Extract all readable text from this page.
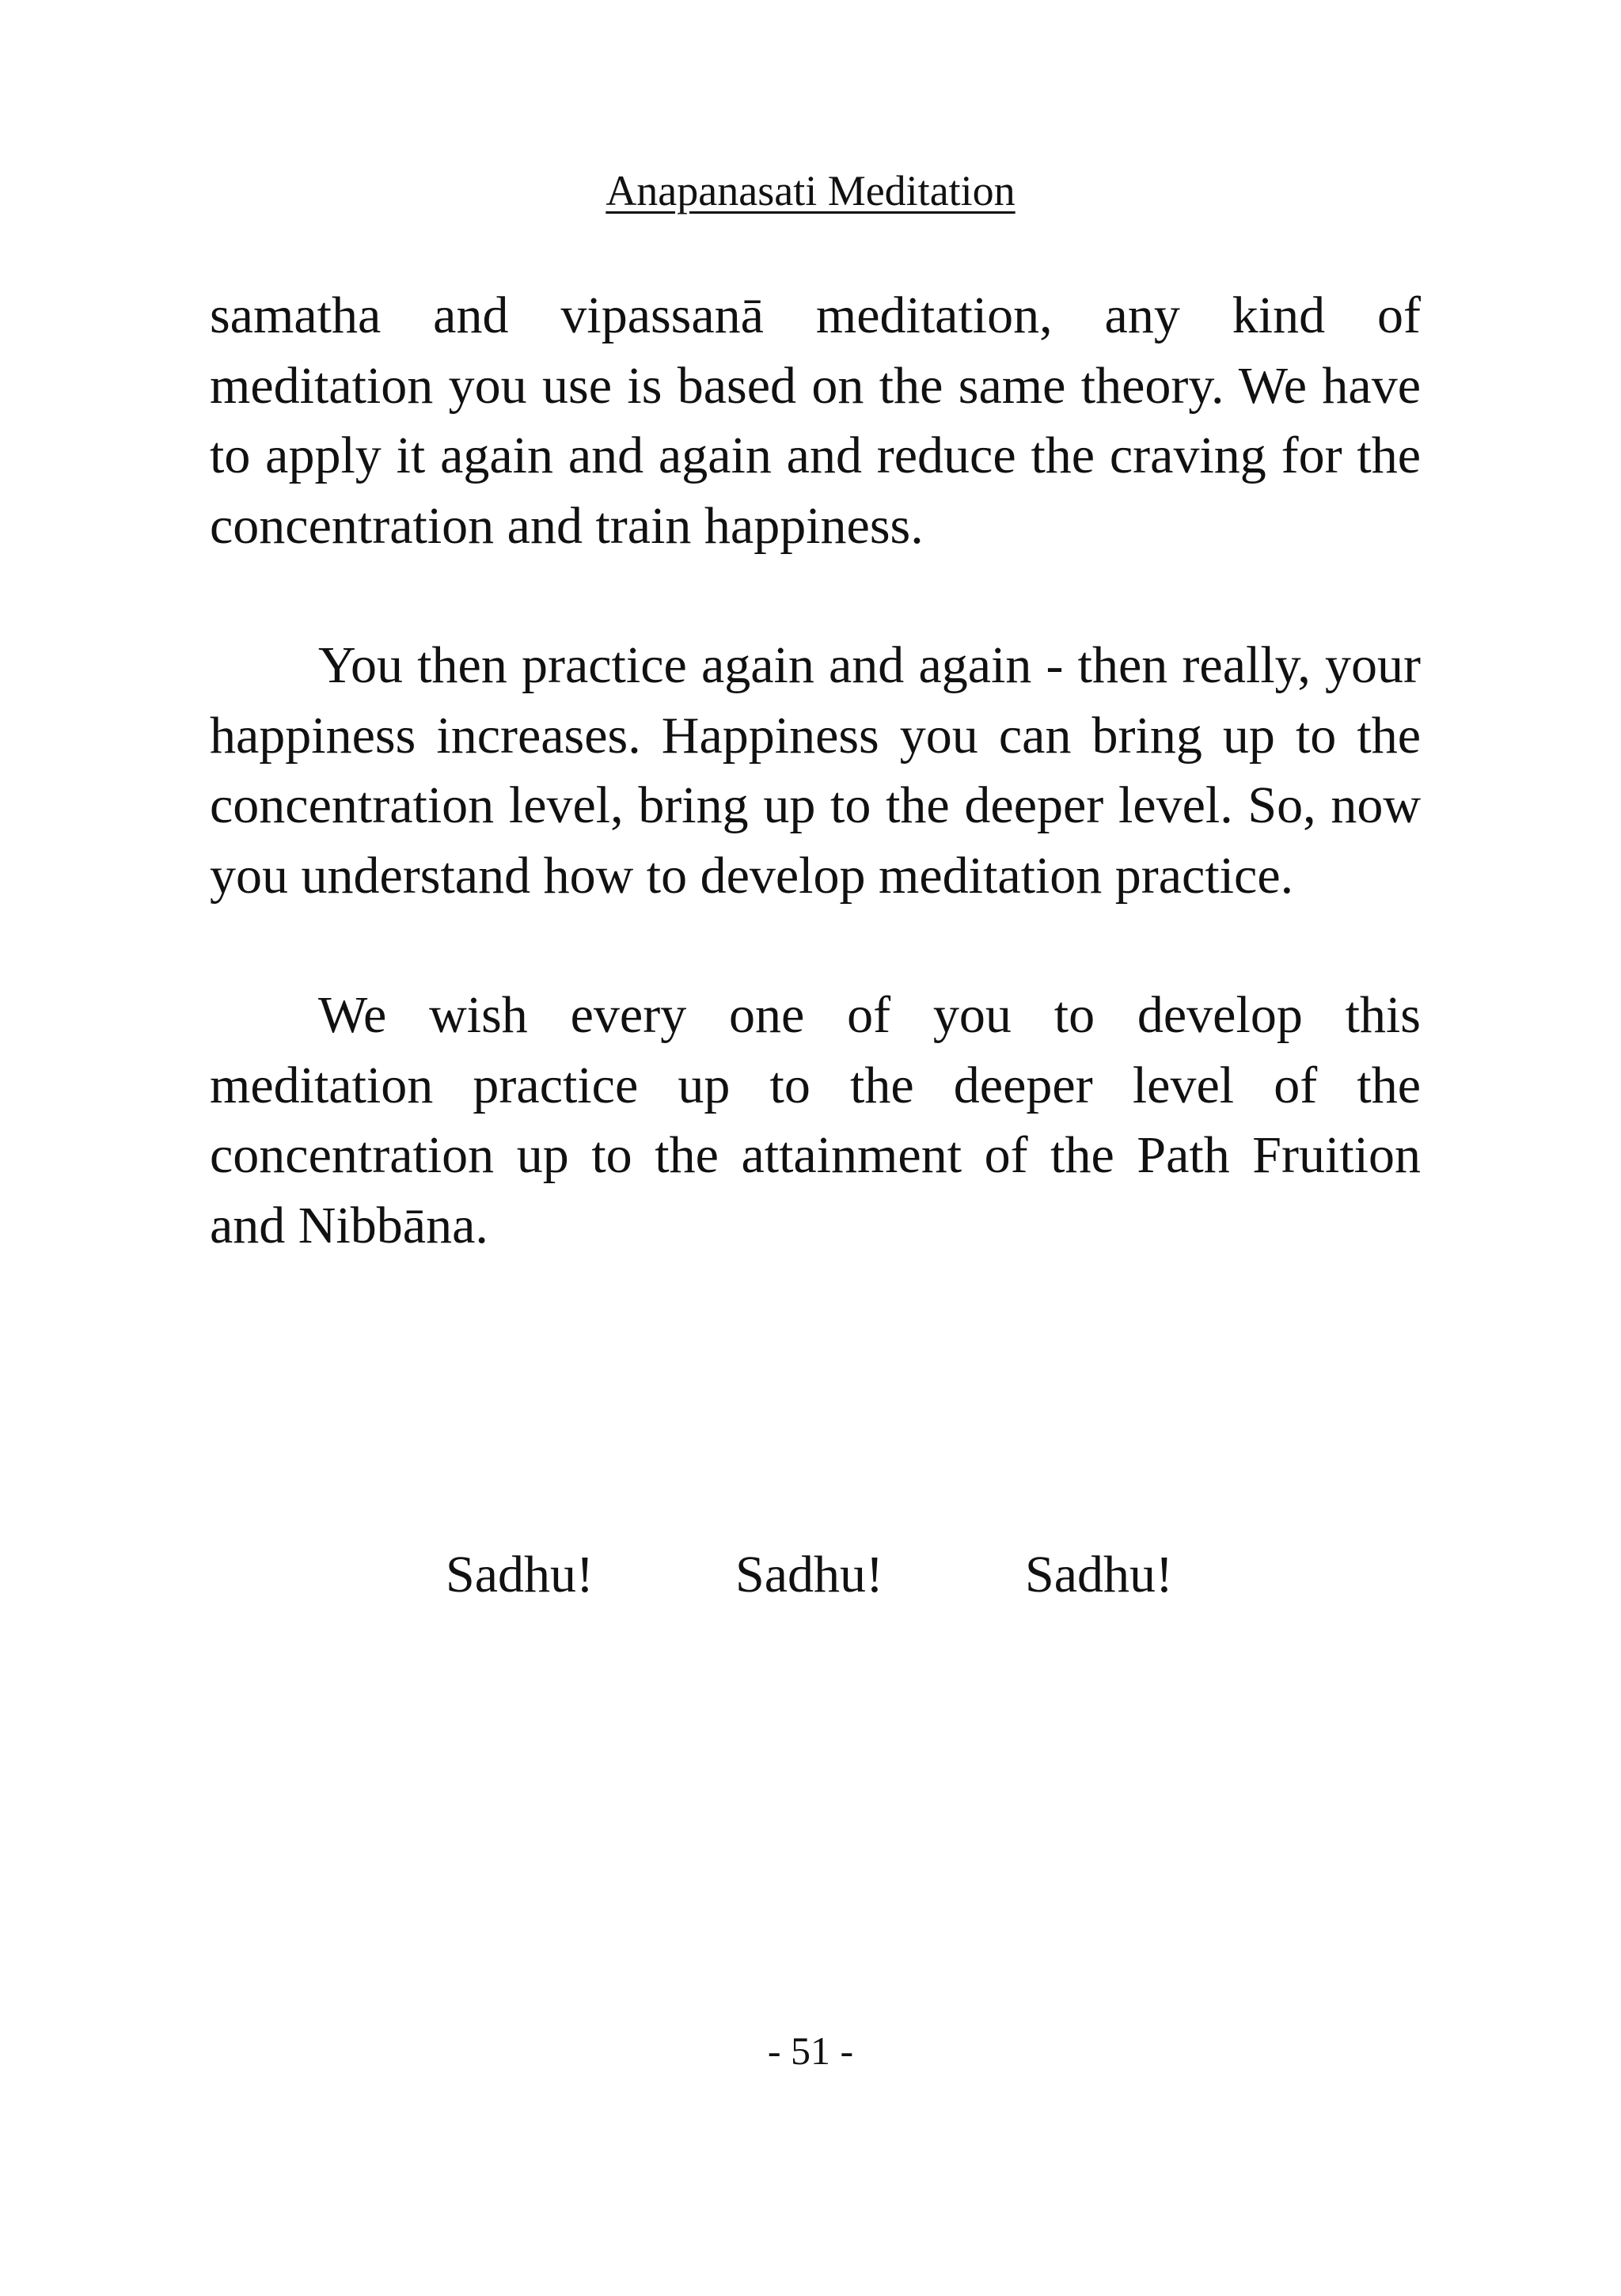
Anapanasati Meditation

samatha and vipassanā meditation, any kind of meditation you use is based on the same theory. We have to apply it again and again and reduce the craving for the concentration and train happiness.

You then practice again and again - then really, your happiness increases. Happiness you can bring up to the concentration level, bring up to the deeper level. So, now you understand how to develop meditation practice.

We wish every one of you to develop this meditation practice up to the deeper level of the concentration up to the attainment of the Path Fruition and Nibbāna.

Sadhu!	Sadhu!	Sadhu!
- 51 -
